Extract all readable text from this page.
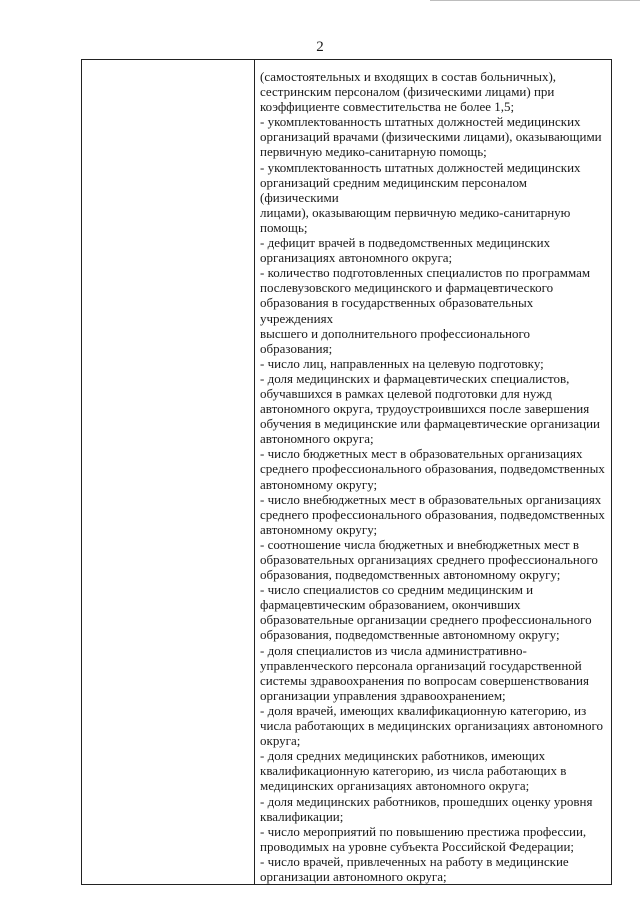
2

(самостоятельных и входящих в состав больничных),

сестринским персоналом (физическими лицами) при

коэффициенте совместительства не более 1,5;

- укомплектованность штатных должностей медицинских

организаций врачами (физическими лицами), оказывающими

первичную медико-санитарную помощь;

- укомплектованность штатных должностей медицинских

организаций средним медицинским персоналом (физическими

лицами), оказывающим первичную медико-санитарную

помощь;

- дефицит врачей в подведомственных медицинских

организациях автономного округа;

- количество подготовленных специалистов по программам

послевузовского медицинского и фармацевтического

образования в государственных образовательных учреждениях

высшего и дополнительного профессионального образования;

- число лиц, направленных на целевую подготовку;

- доля медицинских и фармацевтических специалистов,

обучавшихся в рамках целевой подготовки для нужд

автономного округа, трудоустроившихся после завершения

обучения в медицинские или фармацевтические организации

автономного округа;

- число бюджетных мест в образовательных организациях

среднего профессионального образования, подведомственных

автономному округу;

- число внебюджетных мест в образовательных организациях

среднего профессионального образования, подведомственных

автономному округу;

- соотношение числа бюджетных и внебюджетных мест в

образовательных организациях среднего профессионального

образования, подведомственных автономному округу;

- число специалистов со средним медицинским и

фармацевтическим образованием, окончивших

образовательные организации среднего профессионального

образования, подведомственные автономному округу;

- доля специалистов из числа административно-

управленческого персонала организаций государственной

системы здравоохранения по вопросам совершенствования

организации управления здравоохранением;

- доля врачей, имеющих квалификационную категорию, из

числа работающих в медицинских организациях автономного

округа;

- доля средних медицинских работников, имеющих

квалификационную категорию, из числа работающих в

медицинских организациях автономного округа;

- доля медицинских работников, прошедших оценку уровня

квалификации;

- число мероприятий по повышению престижа профессии,

проводимых на уровне субъекта Российской Федерации;

- число врачей, привлеченных на работу в медицинские

организации автономного округа;
